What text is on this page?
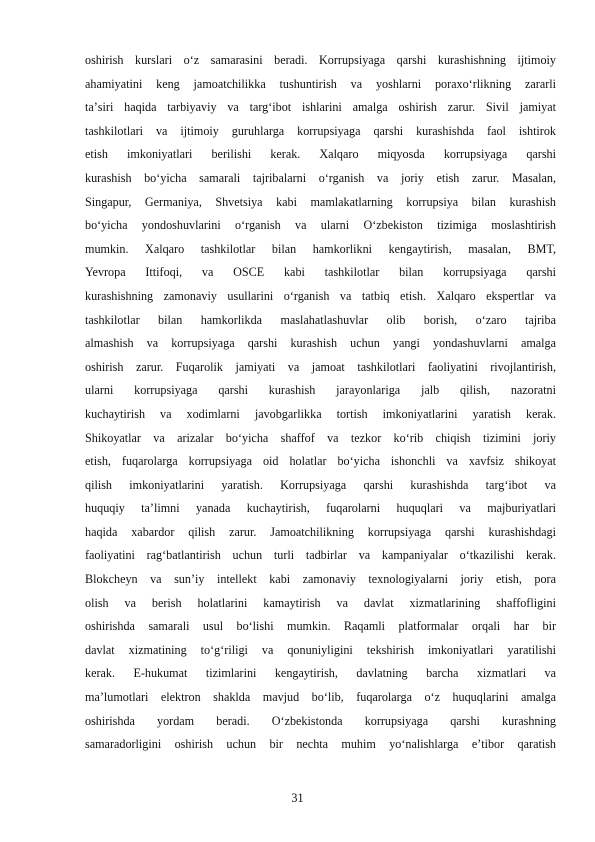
oshirish kurslari oʻz samarasini beradi. Korrupsiyaga qarshi kurashishning ijtimoiy
ahamiyatini keng jamoatchilikka tushuntirish va yoshlarni poraxoʻrlikning zararli
taʼsiri haqida tarbiyaviy va targʻibot ishlarini amalga oshirish zarur. Sivil jamiyat
tashkilotlari va ijtimoiy guruhlarga korrupsiyaga qarshi kurashishda faol ishtirok
etish imkoniyatlari berilishi kerak. Xalqaro miqyosda korrupsiyaga qarshi
kurashish boʻyicha samarali tajribalarni oʻrganish va joriy etish zarur. Masalan,
Singapur, Germaniya, Shvetsiya kabi mamlakatlarning korrupsiya bilan kurashish
boʻyicha yondoshuvlarini oʻrganish va ularni Oʻzbekiston tizimiga moslashtirish
mumkin. Xalqaro tashkilotlar bilan hamkorlikni kengaytirish, masalan, BMT,
Yevropa Ittifoqi, va OSCE kabi tashkilotlar bilan korrupsiyaga qarshi
kurashishning zamonaviy usullarini oʻrganish va tatbiq etish. Xalqaro ekspertlar va
tashkilotlar bilan hamkorlikda maslahatlashuvlar olib borish, oʻzaro tajriba
almashish va korrupsiyaga qarshi kurashish uchun yangi yondashuvlarni amalga
oshirish zarur. Fuqarolik jamiyati va jamoat tashkilotlari faoliyatini rivojlantirish,
ularni korrupsiyaga qarshi kurashish jarayonlariga jalb qilish, nazoratni
kuchaytirish va xodimlarni javobgarlikka tortish imkoniyatlarini yaratish kerak.
Shikoyatlar va arizalar boʻyicha shaffof va tezkor koʻrib chiqish tizimini joriy
etish, fuqarolarga korrupsiyaga oid holatlar boʻyicha ishonchli va xavfsiz shikoyat
qilish imkoniyatlarini yaratish. Korrupsiyaga qarshi kurashishda targʻibot va
huquqiy taʼlimni yanada kuchaytirish, fuqarolarni huquqlari va majburiyatlari
haqida xabardor qilish zarur. Jamoatchilikning korrupsiyaga qarshi kurashishdagi
faoliyatini ragʻbatlantirish uchun turli tadbirlar va kampaniyalar oʻtkazilishi kerak.
Blokcheyn va sunʼiy intellekt kabi zamonaviy texnologiyalarni joriy etish, pora
olish va berish holatlarini kamaytirish va davlat xizmatlarining shaffofligini
oshirishda samarali usul boʻlishi mumkin. Raqamli platformalar orqali har bir
davlat xizmatining toʻgʻriligi va qonuniyligini tekshirish imkoniyatlari yaratilishi
kerak. E-hukumat tizimlarini kengaytirish, davlatning barcha xizmatlari va
maʼlumotlari elektron shaklda mavjud boʻlib, fuqarolarga oʻz huquqlarini amalga
oshirishda yordam beradi. Oʻzbekistonda korrupsiyaga qarshi kurashning
samaradorligini oshirish uchun bir nechta muhim yoʻnalishlarga eʼtibor qaratish
31
